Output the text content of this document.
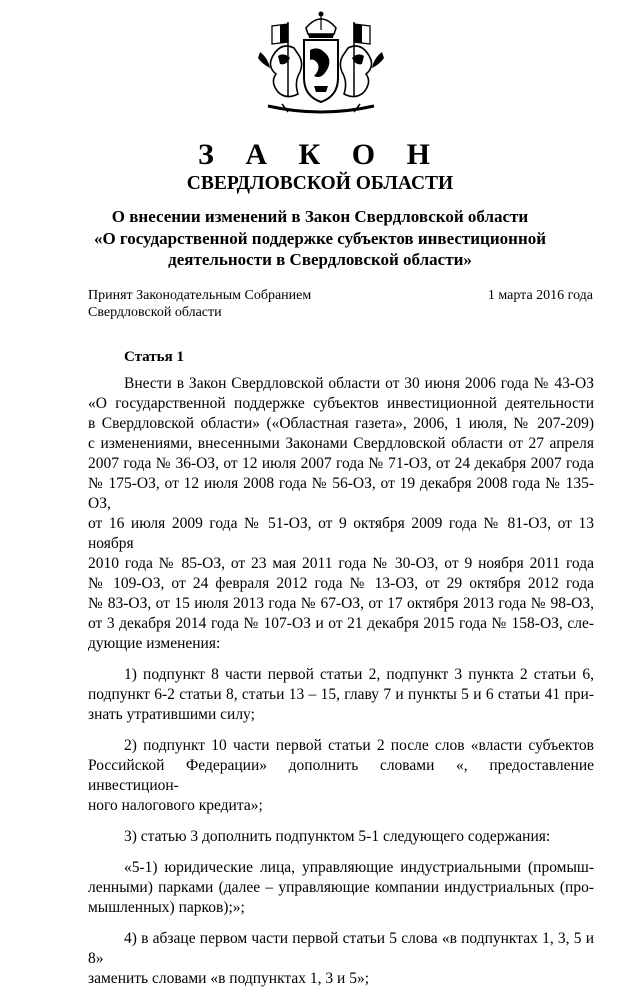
З А К О Н
СВЕРДЛОВСКОЙ ОБЛАСТИ
О внесении изменений в Закон Свердловской области
«О государственной поддержке субъектов инвестиционной
деятельности в Свердловской области»
Принят Законодательным Собранием
Свердловской области
1 марта 2016 года
Статья 1

Внести в Закон Свердловской области от 30 июня 2006 года № 43-ОЗ
«О государственной поддержке субъектов инвестиционной деятельности
в Свердловской области» («Областная газета», 2006, 1 июля, № 207-209)
с изменениями, внесенными Законами Свердловской области от 27 апреля
2007 года № 36-ОЗ, от 12 июля 2007 года № 71-ОЗ, от 24 декабря 2007 года
№ 175-ОЗ, от 12 июля 2008 года № 56-ОЗ, от 19 декабря 2008 года № 135-ОЗ,
от 16 июля 2009 года № 51-ОЗ, от 9 октября 2009 года № 81-ОЗ, от 13 ноября
2010 года № 85-ОЗ, от 23 мая 2011 года № 30-ОЗ, от 9 ноября 2011 года
№ 109-ОЗ, от 24 февраля 2012 года № 13-ОЗ, от 29 октября 2012 года
№ 83-ОЗ, от 15 июля 2013 года № 67-ОЗ, от 17 октября 2013 года № 98-ОЗ,
от 3 декабря 2014 года № 107-ОЗ и от 21 декабря 2015 года № 158-ОЗ, сле-
дующие изменения:

1) подпункт 8 части первой статьи 2, подпункт 3 пункта 2 статьи 6,
подпункт 6-2 статьи 8, статьи 13 – 15, главу 7 и пункты 5 и 6 статьи 41 при-
знать утратившими силу;

2) подпункт 10 части первой статьи 2 после слов «власти субъектов
Российской Федерации» дополнить словами «, предоставление инвестицион-
ного налогового кредита»;

3) статью 3 дополнить подпунктом 5-1 следующего содержания:

«5-1) юридические лица, управляющие индустриальными (промыш-
ленными) парками (далее – управляющие компании индустриальных (про-
мышленных) парков);»;

4) в абзаце первом части первой статьи 5 слова «в подпунктах 1, 3, 5 и 8»
заменить словами «в подпунктах 1, 3 и 5»;
